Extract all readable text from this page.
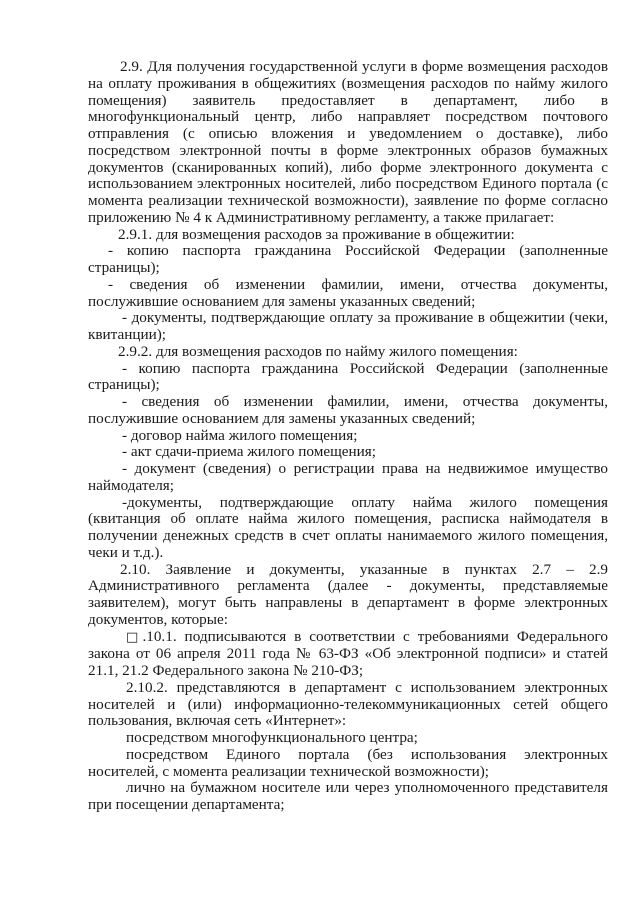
2.9. Для получения государственной услуги в форме возмещения расходов на оплату проживания в общежитиях (возмещения расходов по найму жилого помещения) заявитель предоставляет в департамент, либо в многофункциональный центр, либо направляет посредством почтового отправления (с описью вложения и уведомлением о доставке), либо посредством электронной почты в форме электронных образов бумажных документов (сканированных копий), либо форме электронного документа с использованием электронных носителей, либо посредством Единого портала (с момента реализации технической возможности), заявление по форме согласно приложению № 4 к Административному регламенту, а также прилагает:

2.9.1. для возмещения расходов за проживание в общежитии:

- копию паспорта гражданина Российской Федерации (заполненные страницы);

- сведения об изменении фамилии, имени, отчества документы, послужившие основанием для замены указанных сведений;

- документы, подтверждающие оплату за проживание в общежитии (чеки, квитанции);

2.9.2. для возмещения расходов по найму жилого помещения:

- копию паспорта гражданина Российской Федерации (заполненные страницы);

- сведения об изменении фамилии, имени, отчества документы, послужившие основанием для замены указанных сведений;

- договор найма жилого помещения;

- акт сдачи-приема жилого помещения;

- документ (сведения) о регистрации права на недвижимое имущество наймодателя;

-документы, подтверждающие оплату найма жилого помещения (квитанция об оплате найма жилого помещения, расписка наймодателя в получении денежных средств в счет оплаты нанимаемого жилого помещения, чеки и т.д.).

2.10. Заявление и документы, указанные в пунктах 2.7 – 2.9 Административного регламента (далее - документы, представляемые заявителем), могут быть направлены в департамент в форме электронных документов, которые:

□.10.1. подписываются в соответствии с требованиями Федерального закона от 06 апреля 2011 года № 63-ФЗ «Об электронной подписи» и статей 21.1, 21.2 Федерального закона № 210-ФЗ;

2.10.2. представляются в департамент с использованием электронных носителей и (или) информационно-телекоммуникационных сетей общего пользования, включая сеть «Интернет»:

посредством многофункционального центра;

посредством Единого портала (без использования электронных носителей, с момента реализации технической возможности);

лично на бумажном носителе или через уполномоченного представителя при посещении департамента;
